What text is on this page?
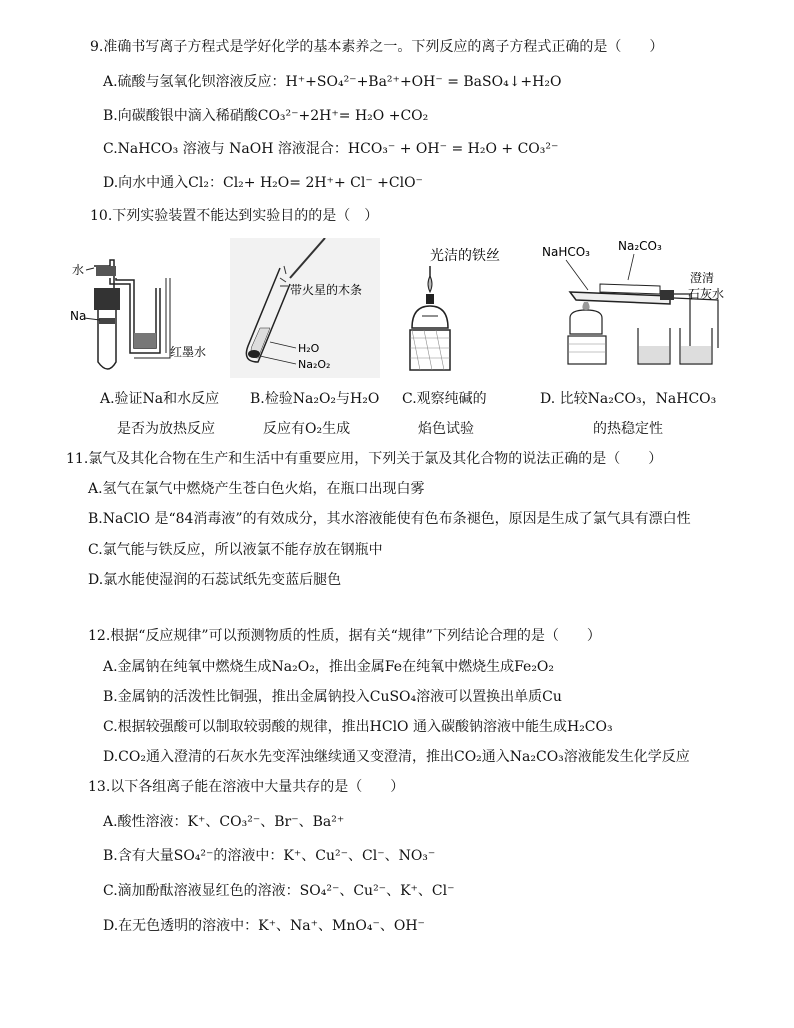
9.准确书写离子方程式是学好化学的基本素养之一。下列反应的离子方程式正确的是（　　）
A.硫酸与氢氧化钡溶液反应：H⁺+SO₄²⁻+Ba²⁺+OH⁻ = BaSO₄↓+H₂O
B.向碳酸银中滴入稀硝酸CO₃²⁻+2H⁺= H₂O +CO₂
C.NaHCO₃ 溶液与 NaOH 溶液混合：HCO₃⁻ + OH⁻ = H₂O + CO₃²⁻
D.向水中通入Cl₂：Cl₂+ H₂O= 2H⁺+ Cl⁻ +ClO⁻
10.下列实验装置不能达到实验目的的是（　）
水
Na
红墨水
带火星的木条
H₂O
Na₂O₂
光洁的铁丝	NaHCO₃ Na₂CO₃
澄清
石灰水
A.验证Na和水反应
是否为放热反应
B.检验Na₂O₂与H₂O
反应有O₂生成
C.观察纯碱的
焰色试验
D. 比较Na₂CO₃，NaHCO₃
的热稳定性
11.氯气及其化合物在生产和生活中有重要应用，下列关于氯及其化合物的说法正确的是（　　）
A.氢气在氯气中燃烧产生苍白色火焰，在瓶口出现白雾
B.NaClO 是“84消毒液”的有效成分，其水溶液能使有色布条褪色，原因是生成了氯气具有漂白性
C.氯气能与铁反应，所以液氯不能存放在钢瓶中
D.氯水能使湿润的石蕊试纸先变蓝后腿色
12.根据“反应规律”可以预测物质的性质，据有关“规律”下列结论合理的是（　　）
A.金属钠在纯氧中燃烧生成Na₂O₂，推出金属Fe在纯氧中燃烧生成Fe₂O₂
B.金属钠的活泼性比铜强，推出金属钠投入CuSO₄溶液可以置换出单质Cu
C.根据较强酸可以制取较弱酸的规律，推出HClO 通入碳酸钠溶液中能生成H₂CO₃
D.CO₂通入澄清的石灰水先变浑浊继续通又变澄清，推出CO₂通入Na₂CO₃溶液能发生化学反应
13.以下各组离子能在溶液中大量共存的是（　　）
A.酸性溶液：K⁺、CO₃²⁻、Br⁻、Ba²⁺
B.含有大量SO₄²⁻的溶液中：K⁺、Cu²⁻、Cl⁻、NO₃⁻
C.滴加酚酞溶液显红色的溶液：SO₄²⁻、Cu²⁻、K⁺、Cl⁻
D.在无色透明的溶液中：K⁺、Na⁺、MnO₄⁻、OH⁻
